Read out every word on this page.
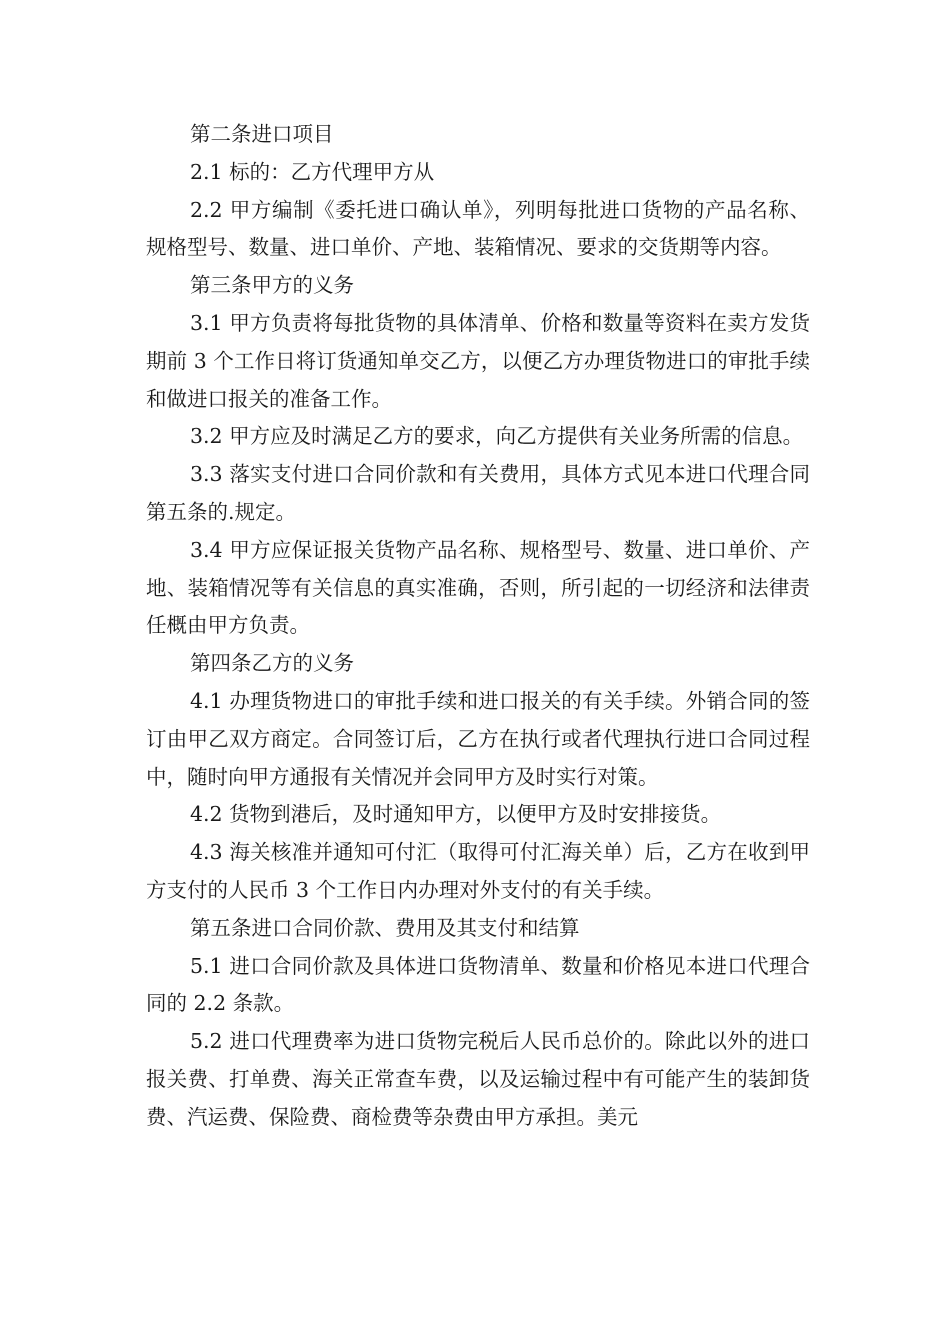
第二条进口项目

2.1 标的：乙方代理甲方从

2.2 甲方编制《委托进口确认单》，列明每批进口货物的产品名称、规格型号、数量、进口单价、产地、装箱情况、要求的交货期等内容。

第三条甲方的义务

3.1 甲方负责将每批货物的具体清单、价格和数量等资料在卖方发货期前 3 个工作日将订货通知单交乙方，以便乙方办理货物进口的审批手续和做进口报关的准备工作。

3.2 甲方应及时满足乙方的要求，向乙方提供有关业务所需的信息。

3.3 落实支付进口合同价款和有关费用，具体方式见本进口代理合同第五条的.规定。

3.4 甲方应保证报关货物产品名称、规格型号、数量、进口单价、产地、装箱情况等有关信息的真实准确，否则，所引起的一切经济和法律责任概由甲方负责。

第四条乙方的义务

4.1 办理货物进口的审批手续和进口报关的有关手续。外销合同的签订由甲乙双方商定。合同签订后，乙方在执行或者代理执行进口合同过程中，随时向甲方通报有关情况并会同甲方及时实行对策。

4.2 货物到港后，及时通知甲方，以便甲方及时安排接货。

4.3 海关核准并通知可付汇（取得可付汇海关单）后，乙方在收到甲方支付的人民币 3 个工作日内办理对外支付的有关手续。

第五条进口合同价款、费用及其支付和结算

5.1 进口合同价款及具体进口货物清单、数量和价格见本进口代理合同的 2.2 条款。

5.2 进口代理费率为进口货物完税后人民币总价的。除此以外的进口报关费、打单费、海关正常查车费，以及运输过程中有可能产生的装卸货费、汽运费、保险费、商检费等杂费由甲方承担。美元
